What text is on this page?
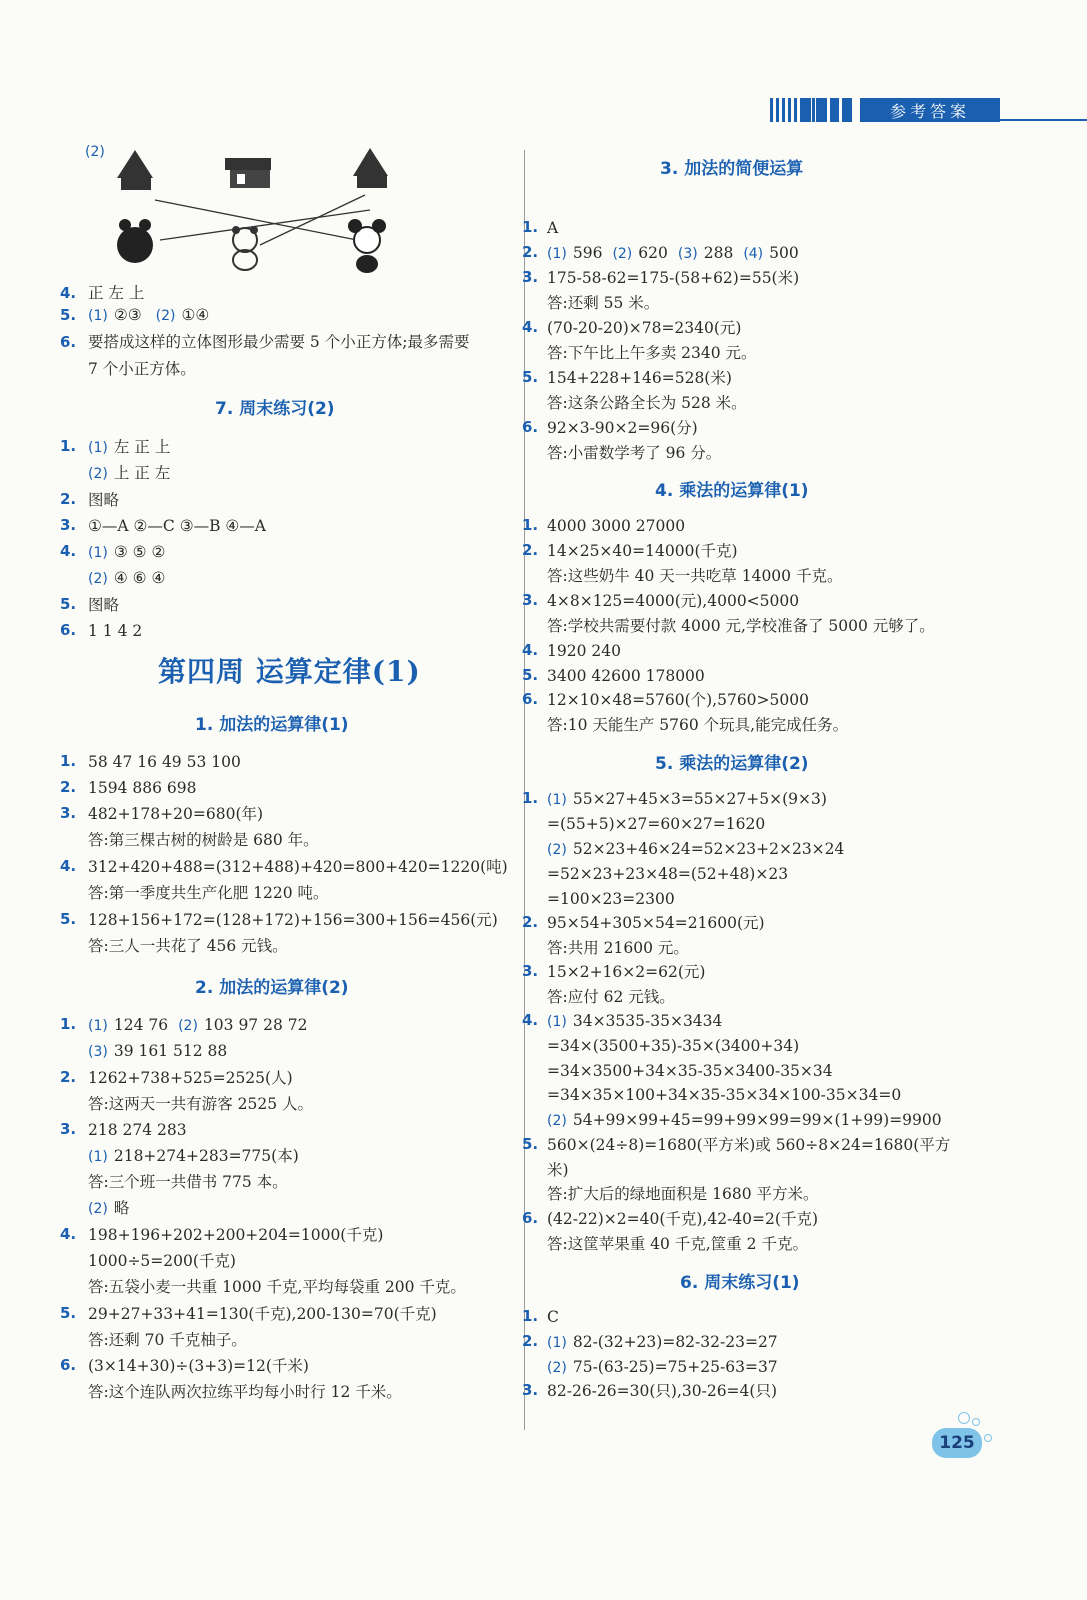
参考答案
(2)
4. 正 左 上
5. (1) ②③ (2) ①④
6. 要搭成这样的立体图形最少需要 5 个小正方体;最多需要
7 个小正方体。
7. 周末练习(2)
1. (1) 左 正 上
(2) 上 正 左
2. 图略
3. ①—A ②—C ③—B ④—A
4. (1) ③ ⑤ ②
(2) ④ ⑥ ④
5. 图略
6. 1 1 4 2
第四周 运算定律(1)
1. 加法的运算律(1)
1. 58 47 16 49 53 100
2. 1594 886 698
3. 482+178+20=680(年)
答:第三棵古树的树龄是 680 年。
4. 312+420+488=(312+488)+420=800+420=1220(吨)
答:第一季度共生产化肥 1220 吨。
5. 128+156+172=(128+172)+156=300+156=456(元)
答:三人一共花了 456 元钱。
2. 加法的运算律(2)
1. (1) 124 76 (2) 103 97 28 72
(3) 39 161 512 88
2. 1262+738+525=2525(人)
答:这两天一共有游客 2525 人。
3. 218 274 283
(1) 218+274+283=775(本)
答:三个班一共借书 775 本。
(2) 略
4. 198+196+202+200+204=1000(千克)
1000÷5=200(千克)
答:五袋小麦一共重 1000 千克,平均每袋重 200 千克。
5. 29+27+33+41=130(千克),200-130=70(千克)
答:还剩 70 千克柚子。
6. (3×14+30)÷(3+3)=12(千米)
答:这个连队两次拉练平均每小时行 12 千米。
3. 加法的简便运算
1. A
2. (1) 596 (2) 620 (3) 288 (4) 500
3. 175-58-62=175-(58+62)=55(米)
答:还剩 55 米。
4. (70-20-20)×78=2340(元)
答:下午比上午多卖 2340 元。
5. 154+228+146=528(米)
答:这条公路全长为 528 米。
6. 92×3-90×2=96(分)
答:小雷数学考了 96 分。
4. 乘法的运算律(1)
1. 4000 3000 27000
2. 14×25×40=14000(千克)
答:这些奶牛 40 天一共吃草 14000 千克。
3. 4×8×125=4000(元),4000<5000
答:学校共需要付款 4000 元,学校准备了 5000 元够了。
4. 1920 240
5. 3400 42600 178000
6. 12×10×48=5760(个),5760>5000
答:10 天能生产 5760 个玩具,能完成任务。
5. 乘法的运算律(2)
1. (1) 55×27+45×3=55×27+5×(9×3)
=(55+5)×27=60×27=1620
(2) 52×23+46×24=52×23+2×23×24
=52×23+23×48=(52+48)×23
=100×23=2300
2. 95×54+305×54=21600(元)
答:共用 21600 元。
3. 15×2+16×2=62(元)
答:应付 62 元钱。
4. (1) 34×3535-35×3434
=34×(3500+35)-35×(3400+34)
=34×3500+34×35-35×3400-35×34
=34×35×100+34×35-35×34×100-35×34=0
(2) 54+99×99+45=99+99×99=99×(1+99)=9900
5. 560×(24÷8)=1680(平方米)或 560÷8×24=1680(平方
米)
答:扩大后的绿地面积是 1680 平方米。
6. (42-22)×2=40(千克),42-40=2(千克)
答:这筐苹果重 40 千克,筐重 2 千克。
6. 周末练习(1)
1. C
2. (1) 82-(32+23)=82-32-23=27
(2) 75-(63-25)=75+25-63=37
3. 82-26-26=30(只),30-26=4(只)
125
